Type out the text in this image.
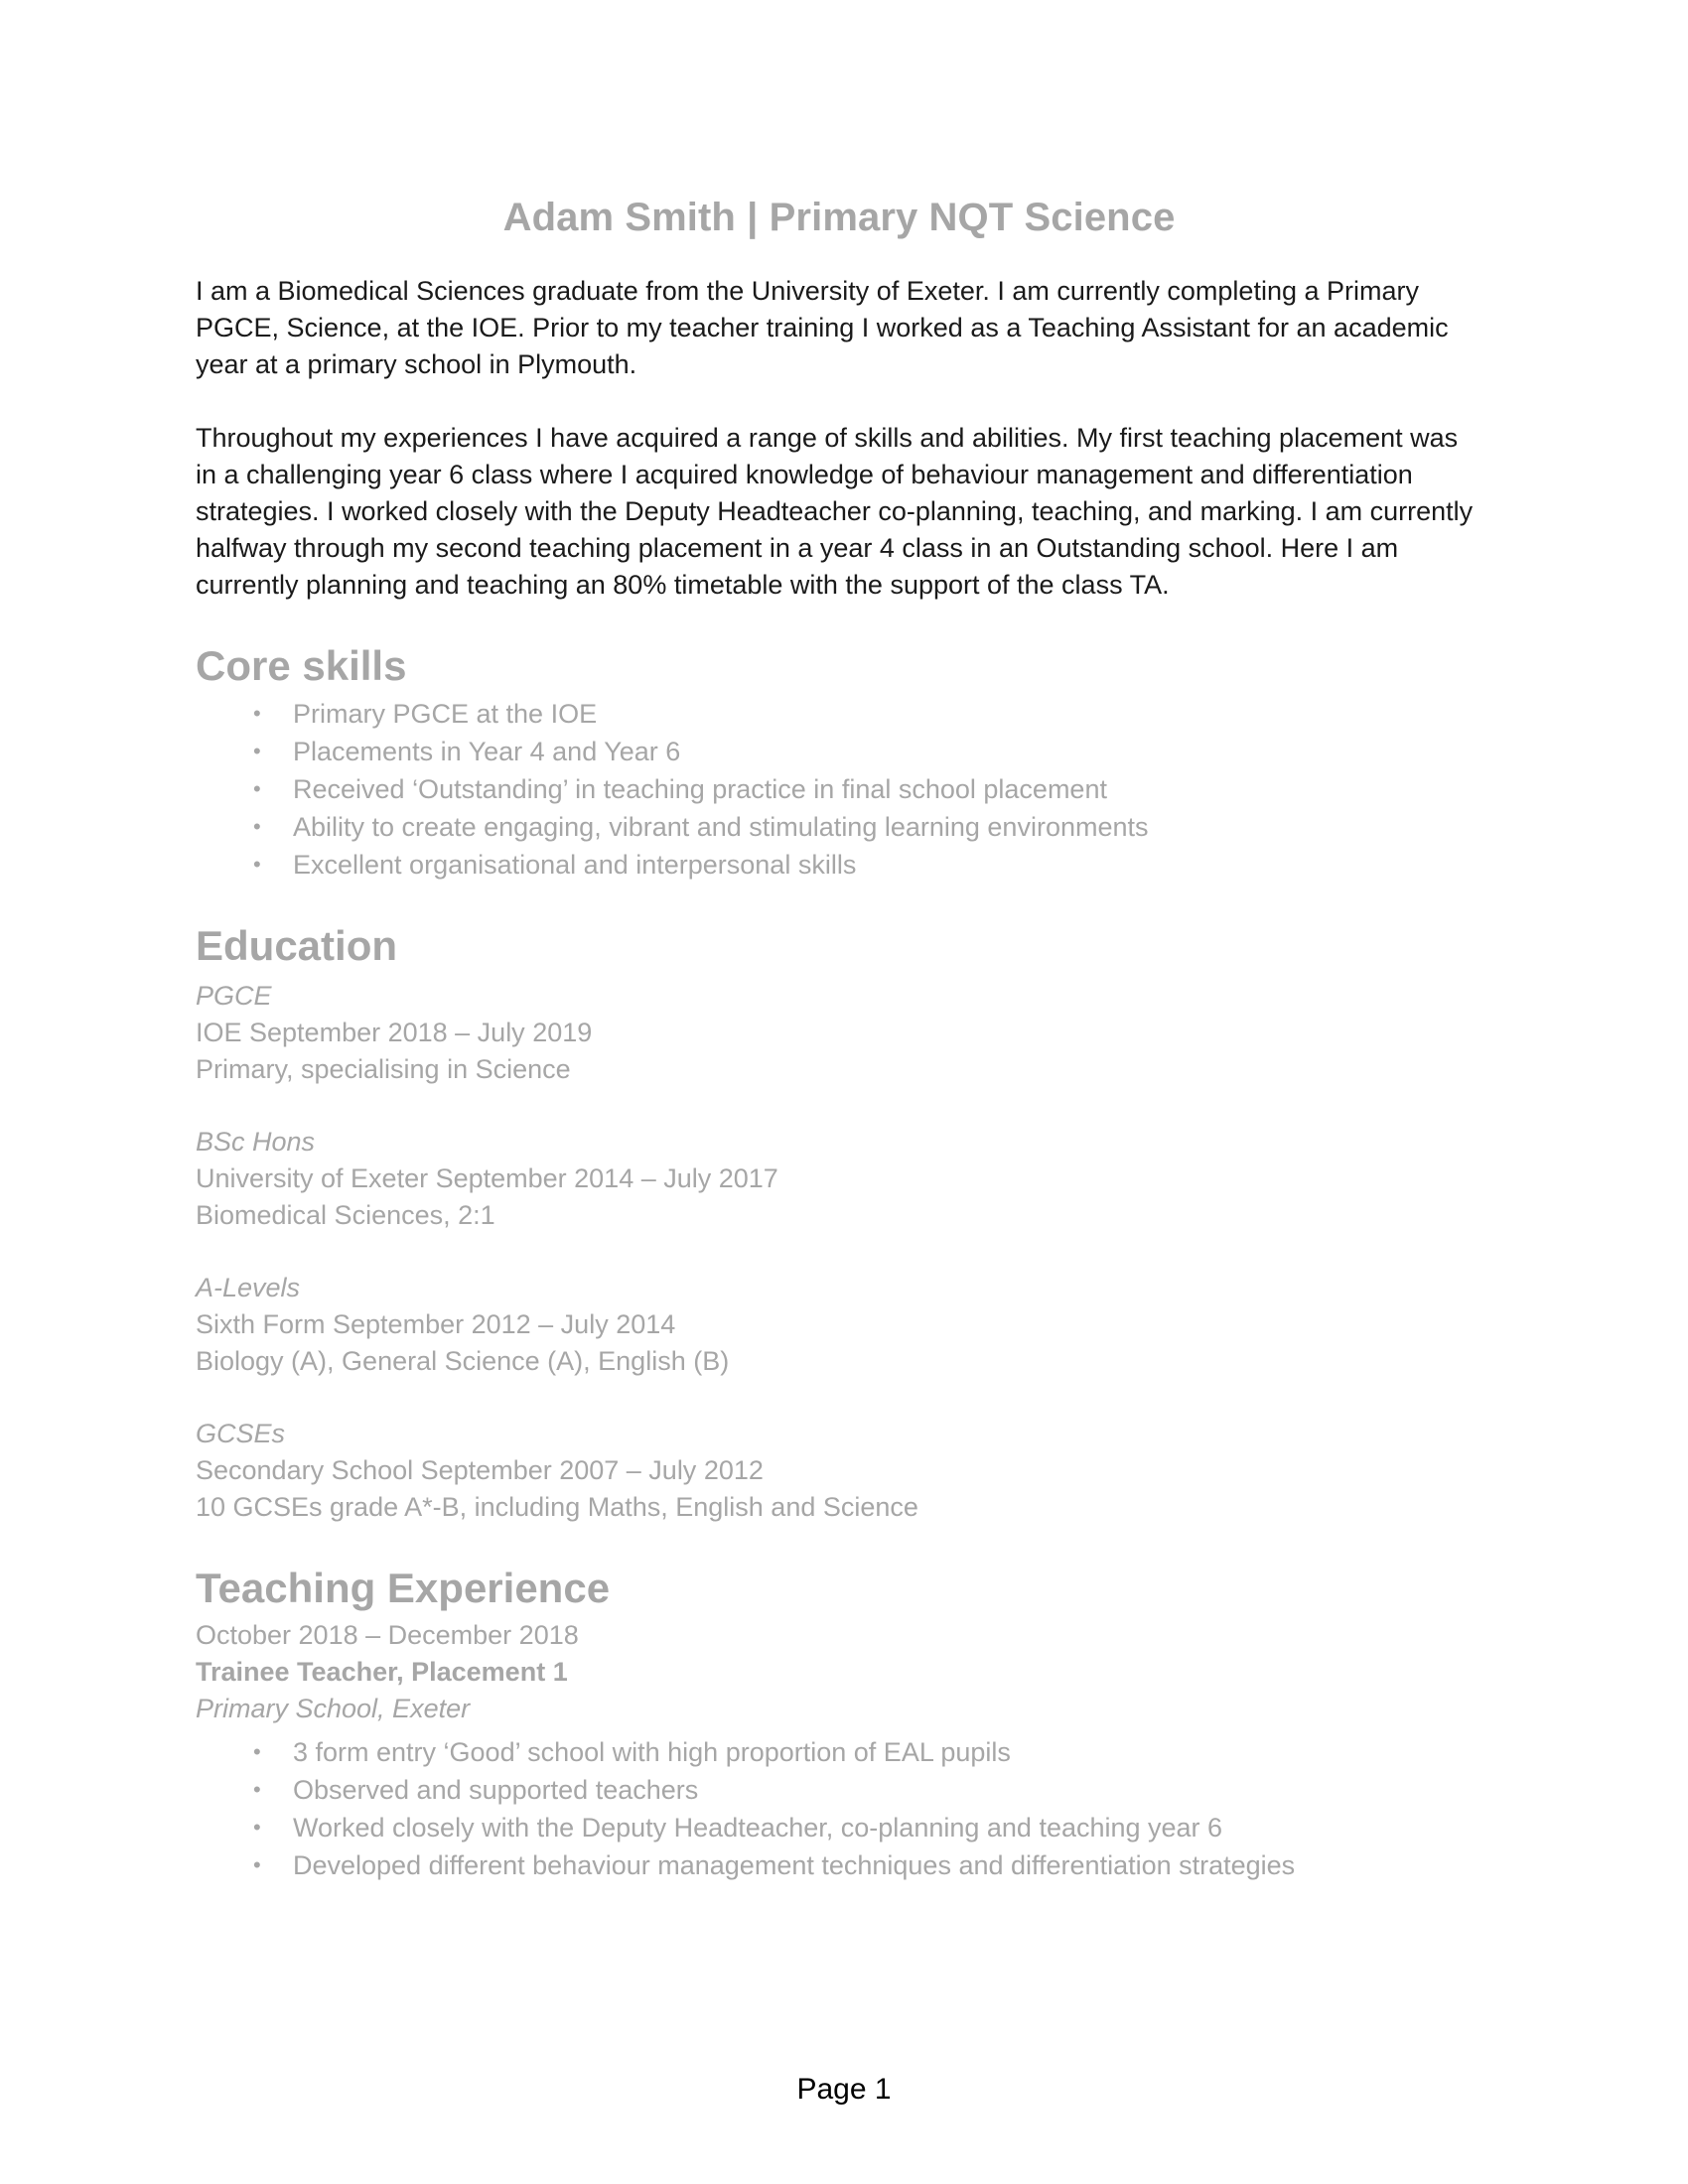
Adam Smith | Primary NQT Science

I am a Biomedical Sciences graduate from the University of Exeter. I am currently completing a Primary PGCE, Science, at the IOE. Prior to my teacher training I worked as a Teaching Assistant for an academic year at a primary school in Plymouth.

Throughout my experiences I have acquired a range of skills and abilities. My first teaching placement was in a challenging year 6 class where I acquired knowledge of behaviour management and differentiation strategies. I worked closely with the Deputy Headteacher co-planning, teaching, and marking. I am currently halfway through my second teaching placement in a year 4 class in an Outstanding school. Here I am currently planning and teaching an 80% timetable with the support of the class TA.

Core skills
• Primary PGCE at the IOE
• Placements in Year 4 and Year 6
• Received ‘Outstanding’ in teaching practice in final school placement
• Ability to create engaging, vibrant and stimulating learning environments
• Excellent organisational and interpersonal skills
Education
PGCE
IOE September 2018 – July 2019
Primary, specialising in Science
BSc Hons
University of Exeter September 2014 – July 2017
Biomedical Sciences, 2:1
A-Levels
Sixth Form September 2012 – July 2014
Biology (A), General Science (A), English (B)
GCSEs
Secondary School September 2007 – July 2012
10 GCSEs grade A*-B, including Maths, English and Science
Teaching Experience
October 2018 – December 2018
Trainee Teacher, Placement 1
Primary School, Exeter
• 3 form entry ‘Good’ school with high proportion of EAL pupils
• Observed and supported teachers
• Worked closely with the Deputy Headteacher, co-planning and teaching year 6
• Developed different behaviour management techniques and differentiation strategies
Page 1
